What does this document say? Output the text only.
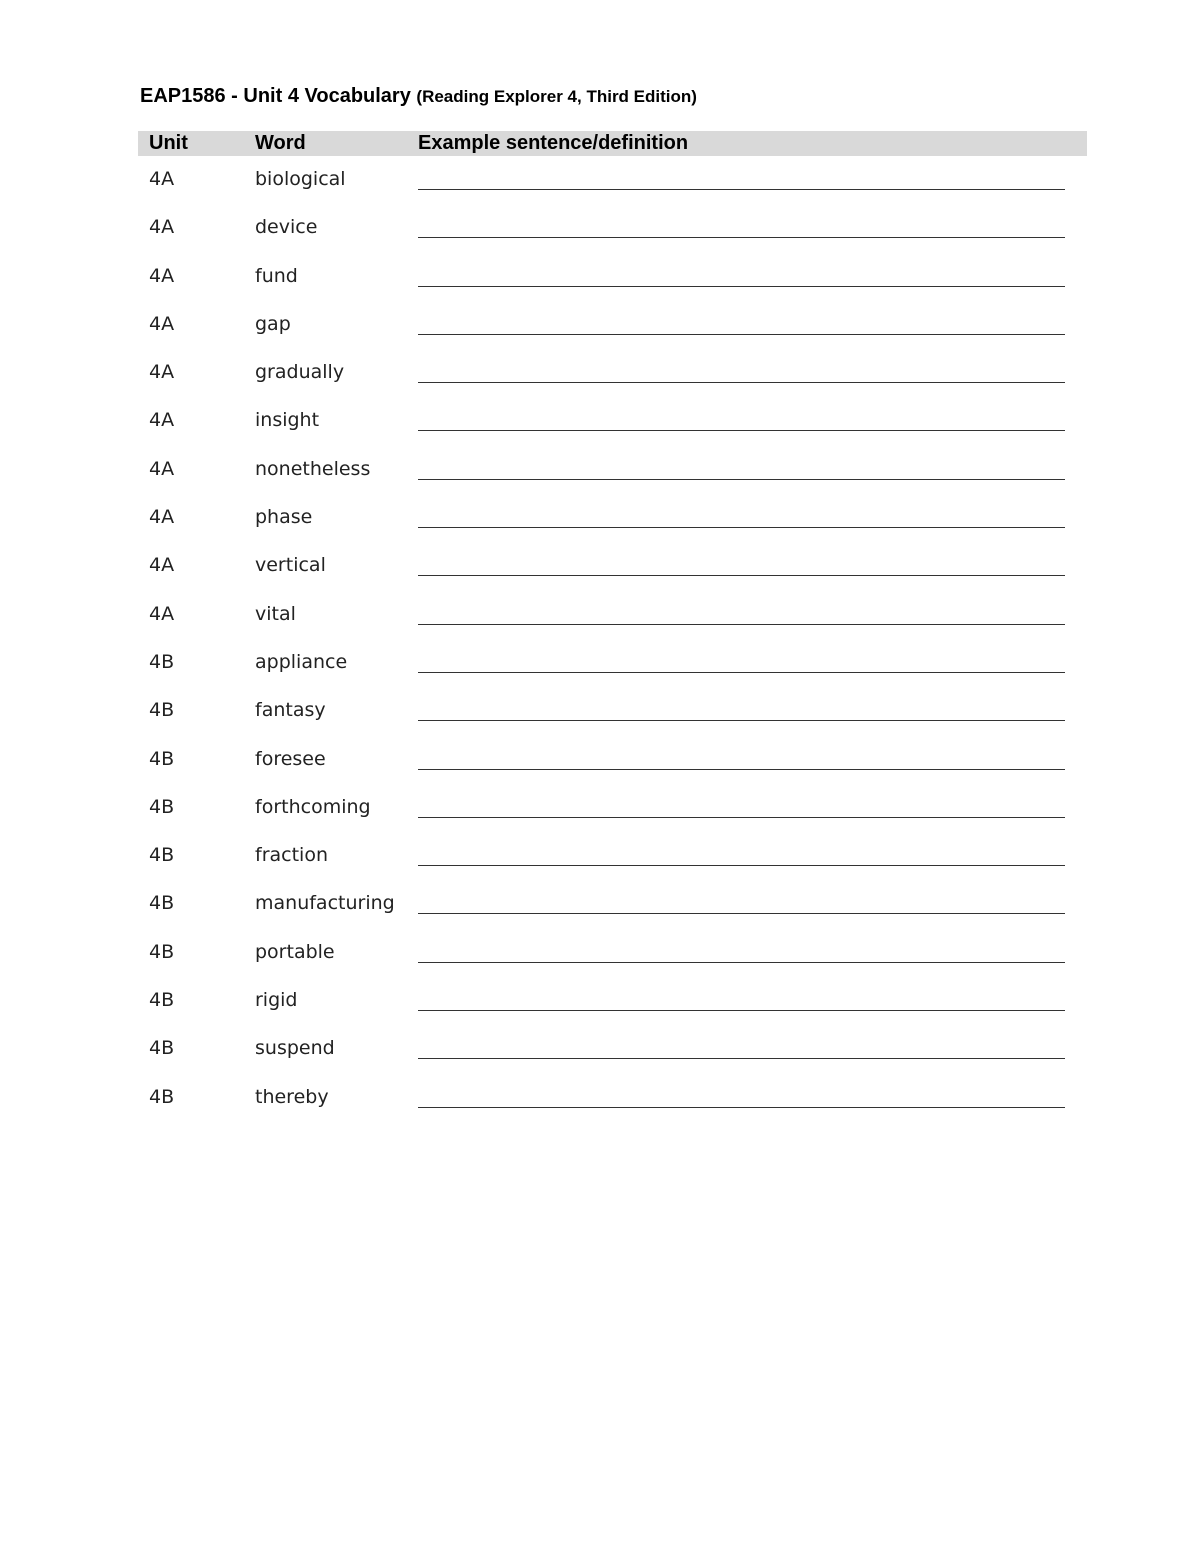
EAP1586 - Unit 4 Vocabulary (Reading Explorer 4, Third Edition)
Unit	Word	Example sentence/definition
4A	biological
4A	device
4A	fund
4A	gap
4A	gradually
4A	insight
4A	nonetheless
4A	phase
4A	vertical
4A	vital
4B	appliance
4B	fantasy
4B	foresee
4B	forthcoming
4B	fraction
4B	manufacturing
4B	portable
4B	rigid
4B	suspend
4B	thereby
